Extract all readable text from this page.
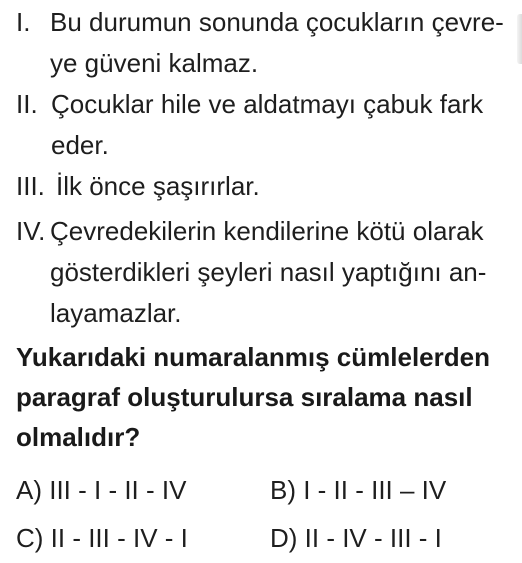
I. Bu durumun sonunda çocukların çevre-
ye güveni kalmaz.
II. Çocuklar hile ve aldatmayı çabuk fark
eder.
III. İlk önce şaşırırlar.
IV. Çevredekilerin kendilerine kötü olarak
gösterdikleri şeyleri nasıl yaptığını an-
layamazlar.
Yukarıdaki numaralanmış cümlelerden
paragraf oluşturulursa sıralama nasıl
olmalıdır?
A) III - I - II - IV	B) I - II - III – IV
C) II - III - IV - I	D) II - IV - III - I
